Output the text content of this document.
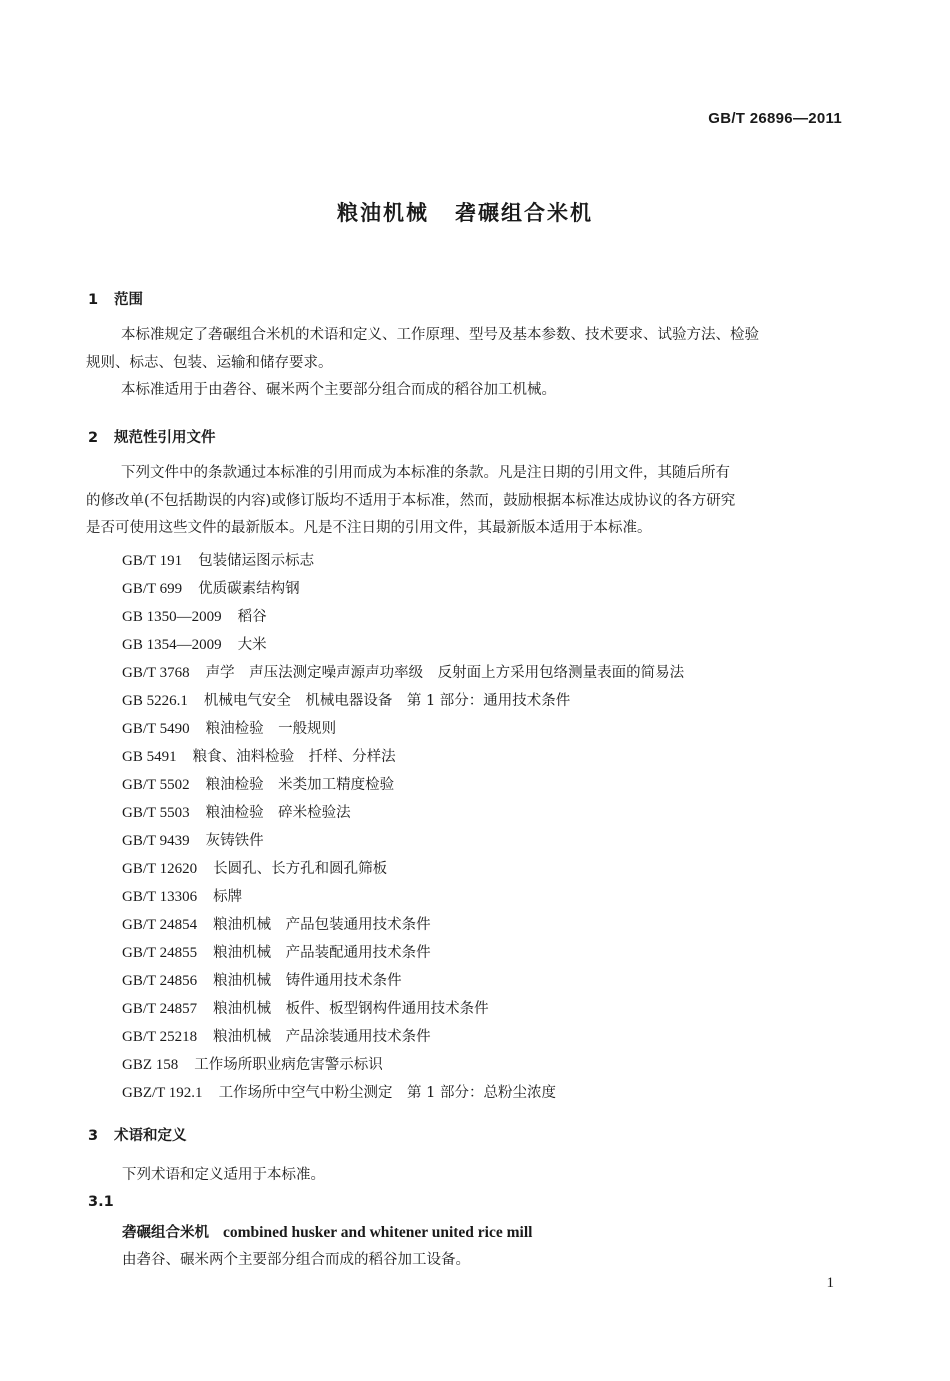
GB/T 26896—2011
粮油机械 砻碾组合米机
1 范围
本标准规定了砻碾组合米机的术语和定义、工作原理、型号及基本参数、技术要求、试验方法、检验
规则、标志、包装、运输和储存要求。
本标准适用于由砻谷、碾米两个主要部分组合而成的稻谷加工机械。
2 规范性引用文件
下列文件中的条款通过本标准的引用而成为本标准的条款。凡是注日期的引用文件，其随后所有
的修改单(不包括勘误的内容)或修订版均不适用于本标准，然而，鼓励根据本标准达成协议的各方研究
是否可使用这些文件的最新版本。凡是不注日期的引用文件，其最新版本适用于本标准。
GB/T 191 包装储运图示标志
GB/T 699 优质碳素结构钢
GB 1350—2009 稻谷
GB 1354—2009 大米
GB/T 3768 声学　声压法测定噪声源声功率级　反射面上方采用包络测量表面的简易法
GB 5226.1 机械电气安全　机械电器设备　第 1 部分：通用技术条件
GB/T 5490 粮油检验　一般规则
GB 5491 粮食、油料检验　扦样、分样法
GB/T 5502 粮油检验　米类加工精度检验
GB/T 5503 粮油检验　碎米检验法
GB/T 9439 灰铸铁件
GB/T 12620 长圆孔、长方孔和圆孔筛板
GB/T 13306 标牌
GB/T 24854 粮油机械　产品包装通用技术条件
GB/T 24855 粮油机械　产品装配通用技术条件
GB/T 24856 粮油机械　铸件通用技术条件
GB/T 24857 粮油机械　板件、板型钢构件通用技术条件
GB/T 25218 粮油机械　产品涂装通用技术条件
GBZ 158 工作场所职业病危害警示标识
GBZ/T 192.1 工作场所中空气中粉尘测定　第 1 部分：总粉尘浓度
3 术语和定义
下列术语和定义适用于本标准。
3.1
砻碾组合米机 combined husker and whitener united rice mill
由砻谷、碾米两个主要部分组合而成的稻谷加工设备。
1
